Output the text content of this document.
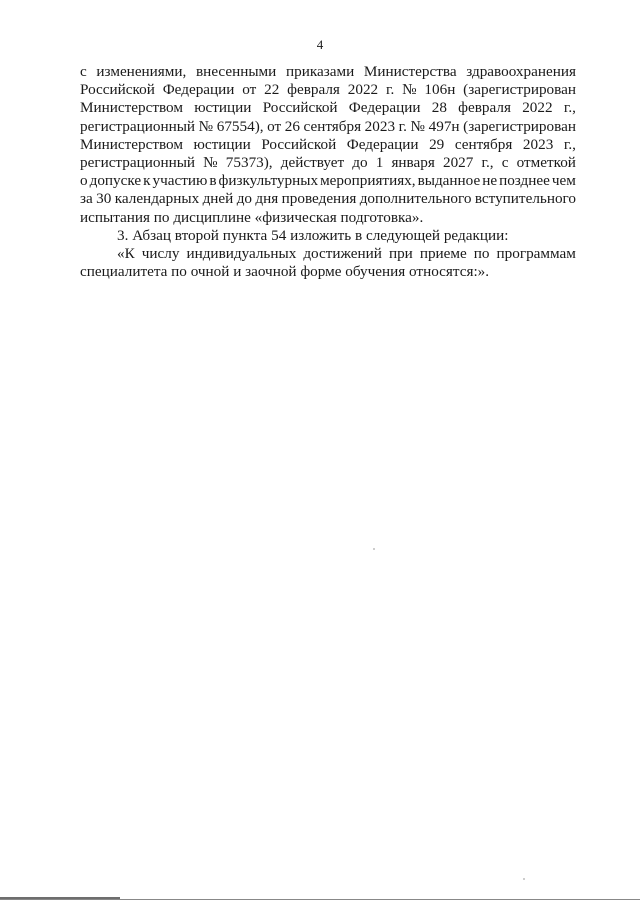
4
с изменениями, внесенными приказами Министерства здравоохранения
Российской Федерации от 22 февраля 2022 г. № 106н (зарегистрирован
Министерством юстиции Российской Федерации 28 февраля 2022 г.,
регистрационный № 67554), от 26 сентября 2023 г. № 497н (зарегистрирован
Министерством юстиции Российской Федерации 29 сентября 2023 г.,
регистрационный № 75373), действует до 1 января 2027 г., с отметкой
о допуске к участию в физкультурных мероприятиях, выданное не позднее чем
за 30 календарных дней до дня проведения дополнительного вступительного
испытания по дисциплине «физическая подготовка».
3. Абзац второй пункта 54 изложить в следующей редакции:
«К числу индивидуальных достижений при приеме по программам
специалитета по очной и заочной форме обучения относятся:».
